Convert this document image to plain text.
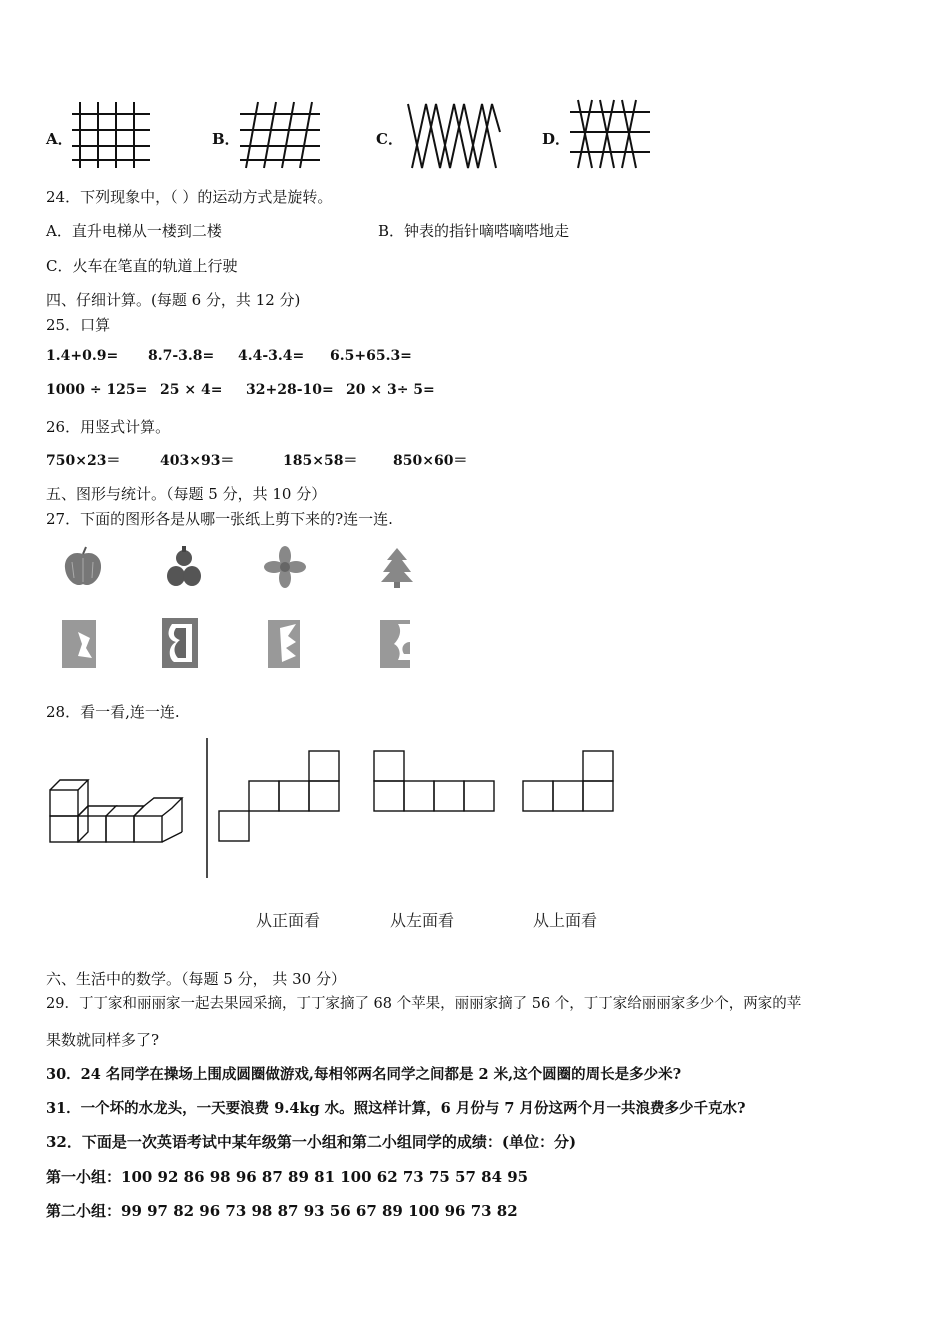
A．	B．	C．	D．
24．下列现象中，（ ）的运动方式是旋转。
A．直升电梯从一楼到二楼	B．钟表的指针嘀嗒嘀嗒地走
C．火车在笔直的轨道上行驶
四、仔细计算。(每题 6 分，共 12 分)
25．口算
1.4+0.9= 8.7-3.8= 4.4-3.4= 6.5+65.3=
1000 ÷ 125= 25 × 4= 32+28-10= 20 × 3÷ 5=
26．用竖式计算。
750×23＝	403×93＝	185×58＝	850×60＝
五、图形与统计。（每题 5 分，共 10 分）
27．下面的图形各是从哪一张纸上剪下来的?连一连.
28．看一看,连一连.
从正面看	从左面看	从上面看
六、生活中的数学。（每题 5 分， 共 30 分）
29．丁丁家和丽丽家一起去果园采摘，丁丁家摘了 68 个苹果，丽丽家摘了 56 个，丁丁家给丽丽家多少个，两家的苹
果数就同样多了?
30．24 名同学在操场上围成圆圈做游戏,每相邻两名同学之间都是 2 米,这个圆圈的周长是多少米?
31．一个坏的水龙头，一天要浪费 9.4kg 水。照这样计算，6 月份与 7 月份这两个月一共浪费多少千克水?
32．下面是一次英语考试中某年级第一小组和第二小组同学的成绩：(单位：分)
第一小组：100 92 86 98 96 87 89 81 100 62 73 75 57 84 95
第二小组：99 97 82 96 73 98 87 93 56 67 89 100 96 73 82
